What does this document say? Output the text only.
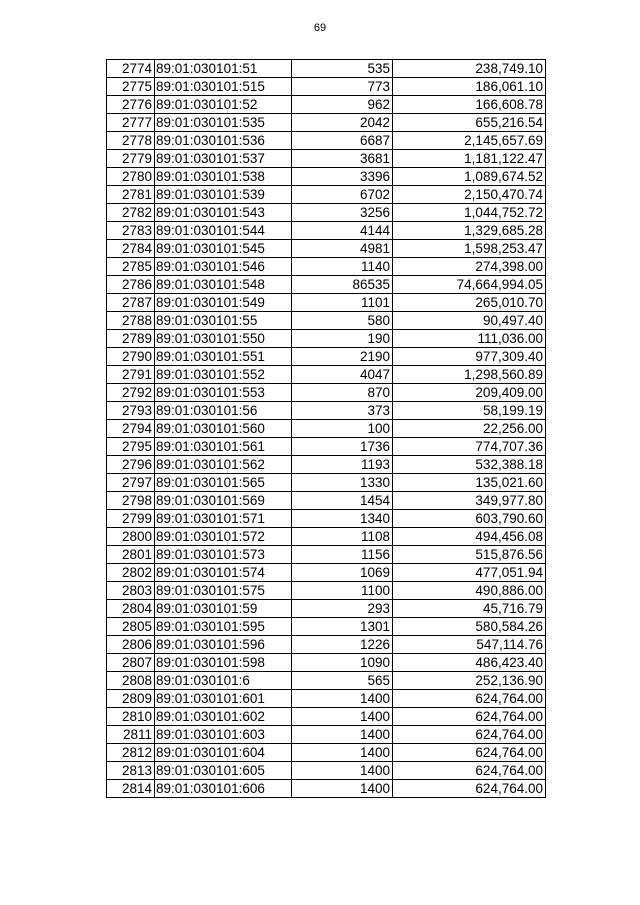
69
2774	89:01:030101:51	535	238,749.10
2775	89:01:030101:515	773	186,061.10
2776	89:01:030101:52	962	166,608.78
2777	89:01:030101:535	2042	655,216.54
2778	89:01:030101:536	6687	2,145,657.69
2779	89:01:030101:537	3681	1,181,122.47
2780	89:01:030101:538	3396	1,089,674.52
2781	89:01:030101:539	6702	2,150,470.74
2782	89:01:030101:543	3256	1,044,752.72
2783	89:01:030101:544	4144	1,329,685.28
2784	89:01:030101:545	4981	1,598,253.47
2785	89:01:030101:546	1140	274,398.00
2786	89:01:030101:548	86535	74,664,994.05
2787	89:01:030101:549	1101	265,010.70
2788	89:01:030101:55	580	90,497.40
2789	89:01:030101:550	190	111,036.00
2790	89:01:030101:551	2190	977,309.40
2791	89:01:030101:552	4047	1,298,560.89
2792	89:01:030101:553	870	209,409.00
2793	89:01:030101:56	373	58,199.19
2794	89:01:030101:560	100	22,256.00
2795	89:01:030101:561	1736	774,707.36
2796	89:01:030101:562	1193	532,388.18
2797	89:01:030101:565	1330	135,021.60
2798	89:01:030101:569	1454	349,977.80
2799	89:01:030101:571	1340	603,790.60
2800	89:01:030101:572	1108	494,456.08
2801	89:01:030101:573	1156	515,876.56
2802	89:01:030101:574	1069	477,051.94
2803	89:01:030101:575	1100	490,886.00
2804	89:01:030101:59	293	45,716.79
2805	89:01:030101:595	1301	580,584.26
2806	89:01:030101:596	1226	547,114.76
2807	89:01:030101:598	1090	486,423.40
2808	89:01:030101:6	565	252,136.90
2809	89:01:030101:601	1400	624,764.00
2810	89:01:030101:602	1400	624,764.00
2811	89:01:030101:603	1400	624,764.00
2812	89:01:030101:604	1400	624,764.00
2813	89:01:030101:605	1400	624,764.00
2814	89:01:030101:606	1400	624,764.00
